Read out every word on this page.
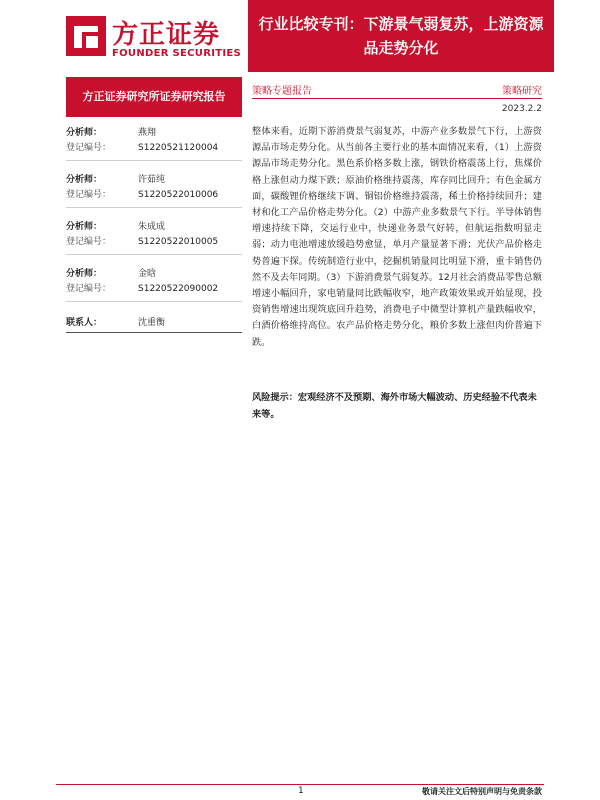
方正证券
FOUNDER SECURITIES
行业比较专刊：下游景气弱复苏，上游资源
品走势分化
方正证券研究所证券研究报告
分析师：	燕翔
登记编号：	S1220521120004
分析师：	许茹纯
登记编号：	S1220522010006
分析师：	朱成成
登记编号：	S1220522010005
分析师：	金晗
登记编号：	S1220522090002
联系人：	沈重衡
策略专题报告	策略研究
2023.2.2

整体来看，近期下游消费景气弱复苏，中游产业多数景气下行，上游资源品市场走势分化。从当前各主要行业的基本面情况来看，（1）上游资源品市场走势分化。黑色系价格多数上涨，钢铁价格震荡上行，焦煤价格上涨但动力煤下跌；原油价格维持震荡，库存同比回升；有色金属方面，碳酸锂价格继续下调、铜铝价格维持震荡，稀土价格持续回升；建材和化工产品价格走势分化。（2）中游产业多数景气下行。半导体销售增速持续下降，交运行业中，快递业务景气好转，但航运指数明显走弱；动力电池增速放缓趋势愈显，单月产量显著下滑；光伏产品价格走势普遍下探。传统制造行业中，挖掘机销量同比明显下滑，重卡销售仍然不及去年同期。（3）下游消费景气弱复苏。12月社会消费品零售总额增速小幅回升，家电销量同比跌幅收窄，地产政策效果或开始显现，投资销售增速出现筑底回升趋势，消费电子中微型计算机产量跌幅收窄，白酒价格维持高位。农产品价格走势分化，粮价多数上涨但肉价普遍下跌。

风险提示：宏观经济不及预期、海外市场大幅波动、历史经验不代表未来等。

1	敬请关注文后特别声明与免责条款
